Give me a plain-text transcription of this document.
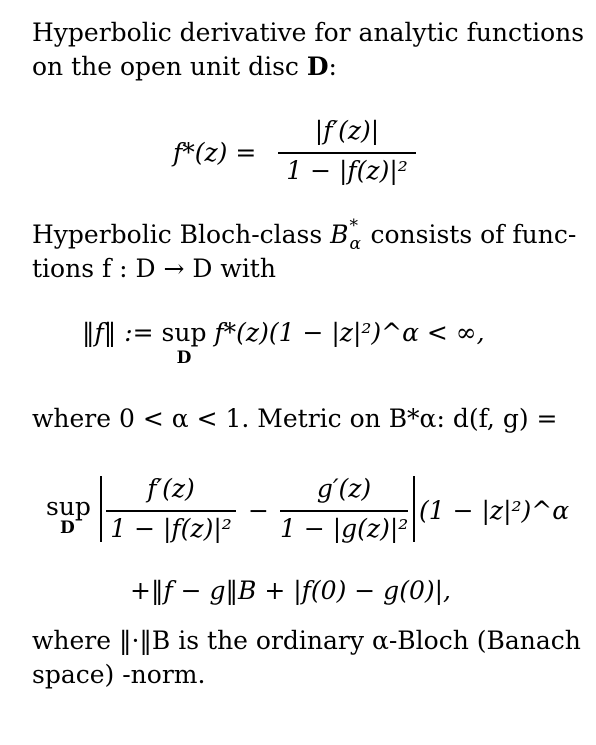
Hyperbolic derivative for analytic functions
on the open unit disc D:
f*(z) =
|f′(z)|
1 − |f(z)|²
Hyperbolic Bloch-class B *
α consists of func-
tions f : D → D with
‖f‖ := sup
D
f*(z)(1 − |z|²)^α < ∞,
where 0 < α < 1. Metric on B*α: d(f, g) =
sup
D
f′(z)
1 − |f(z)|²
−
g′(z)
1 − |g(z)|²
(1 − |z|²)^α
+‖f − g‖B + |f(0) − g(0)|,
where ‖·‖B is the ordinary α-Bloch (Banach
space) -norm.
